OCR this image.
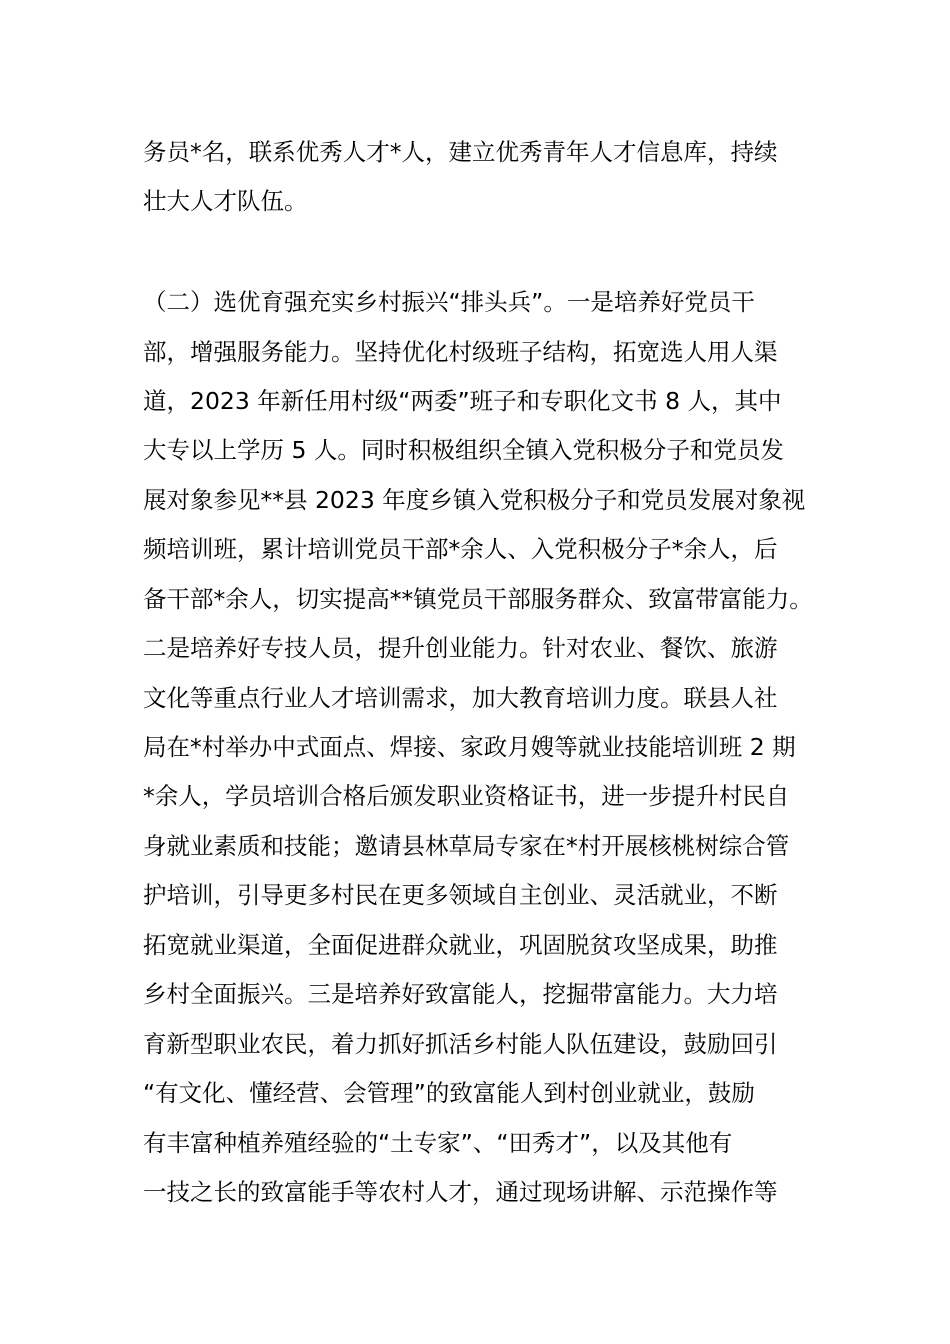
务员*名，联系优秀人才*人，建立优秀青年人才信息库，持续
壮大人才队伍。
（二）选优育强充实乡村振兴“排头兵”。一是培养好党员干
部，增强服务能力。坚持优化村级班子结构，拓宽选人用人渠
道，2023 年新任用村级“两委”班子和专职化文书 8 人，其中
大专以上学历 5 人。同时积极组织全镇入党积极分子和党员发
展对象参见**县 2023 年度乡镇入党积极分子和党员发展对象视
频培训班，累计培训党员干部*余人、入党积极分子*余人，后
备干部*余人，切实提高**镇党员干部服务群众、致富带富能力。
二是培养好专技人员，提升创业能力。针对农业、餐饮、旅游
文化等重点行业人才培训需求，加大教育培训力度。联县人社
局在*村举办中式面点、焊接、家政月嫂等就业技能培训班 2 期
*余人，学员培训合格后颁发职业资格证书，进一步提升村民自
身就业素质和技能；邀请县林草局专家在*村开展核桃树综合管
护培训，引导更多村民在更多领域自主创业、灵活就业，不断
拓宽就业渠道，全面促进群众就业，巩固脱贫攻坚成果，助推
乡村全面振兴。三是培养好致富能人，挖掘带富能力。大力培
育新型职业农民，着力抓好抓活乡村能人队伍建设，鼓励回引
“有文化、懂经营、会管理”的致富能人到村创业就业，鼓励
有丰富种植养殖经验的“土专家”、“田秀才”，以及其他有
一技之长的致富能手等农村人才，通过现场讲解、示范操作等
